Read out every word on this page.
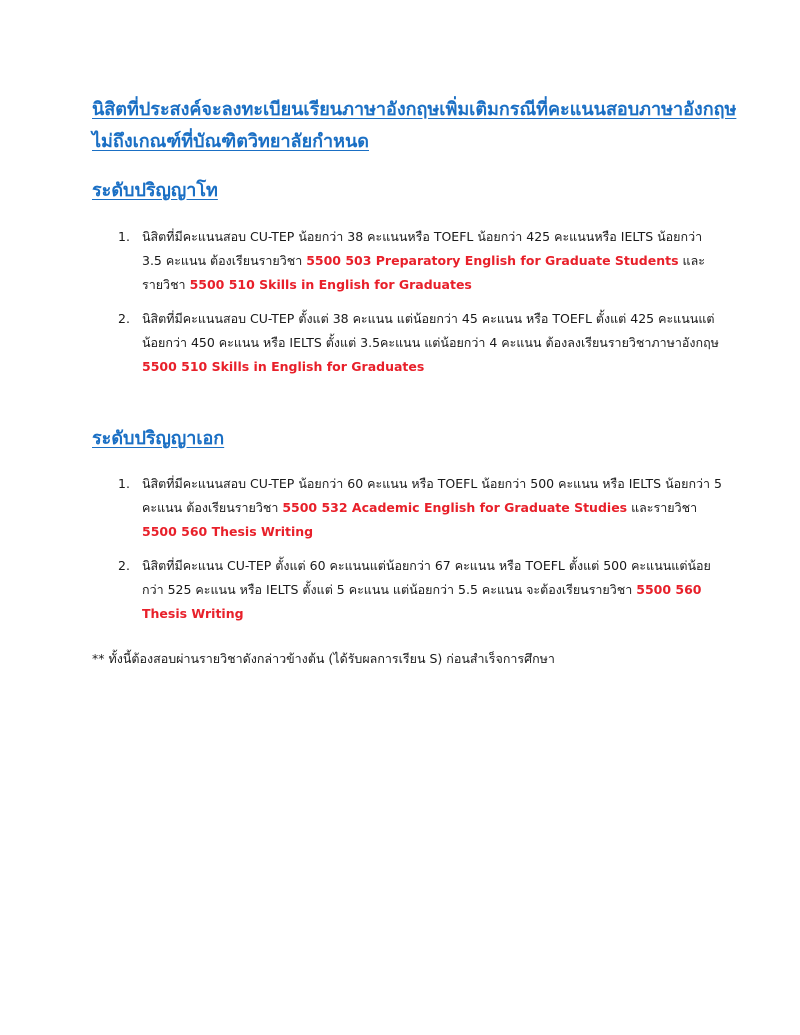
นิสิตที่ประสงค์จะลงทะเบียนเรียนภาษาอังกฤษเพิ่มเติมกรณีที่คะแนนสอบภาษาอังกฤษ
ไม่ถึงเกณฑ์ที่บัณฑิตวิทยาลัยกำหนด
ระดับปริญญาโท
1. นิสิตที่มีคะแนนสอบ CU-TEP น้อยกว่า 38 คะแนนหรือ TOEFL น้อยกว่า 425 คะแนนหรือ IELTS น้อยกว่า 3.5 คะแนน ต้องเรียนรายวิชา 5500 503 Preparatory English for Graduate Students และรายวิชา 5500 510 Skills in English for Graduates
2. นิสิตที่มีคะแนนสอบ CU-TEP ตั้งแต่ 38 คะแนน แต่น้อยกว่า 45 คะแนน หรือ TOEFL ตั้งแต่ 425 คะแนนแต่น้อยกว่า 450 คะแนน หรือ IELTS ตั้งแต่ 3.5คะแนน แต่น้อยกว่า 4 คะแนน ต้องลงเรียนรายวิชาภาษาอังกฤษ 5500 510 Skills in English for Graduates
ระดับปริญญาเอก
1. นิสิตที่มีคะแนนสอบ CU-TEP น้อยกว่า 60 คะแนน หรือ TOEFL น้อยกว่า 500 คะแนน หรือ IELTS น้อยกว่า 5 คะแนน ต้องเรียนรายวิชา 5500 532 Academic English for Graduate Studies และรายวิชา 5500 560 Thesis Writing
2. นิสิตที่มีคะแนน CU-TEP ตั้งแต่ 60 คะแนนแต่น้อยกว่า 67 คะแนน หรือ TOEFL ตั้งแต่ 500 คะแนนแต่น้อยกว่า 525 คะแนน หรือ IELTS ตั้งแต่ 5 คะแนน แต่น้อยกว่า 5.5 คะแนน จะต้องเรียนรายวิชา 5500 560 Thesis Writing

** ทั้งนี้ต้องสอบผ่านรายวิชาดังกล่าวข้างต้น (ได้รับผลการเรียน S) ก่อนสำเร็จการศึกษา
